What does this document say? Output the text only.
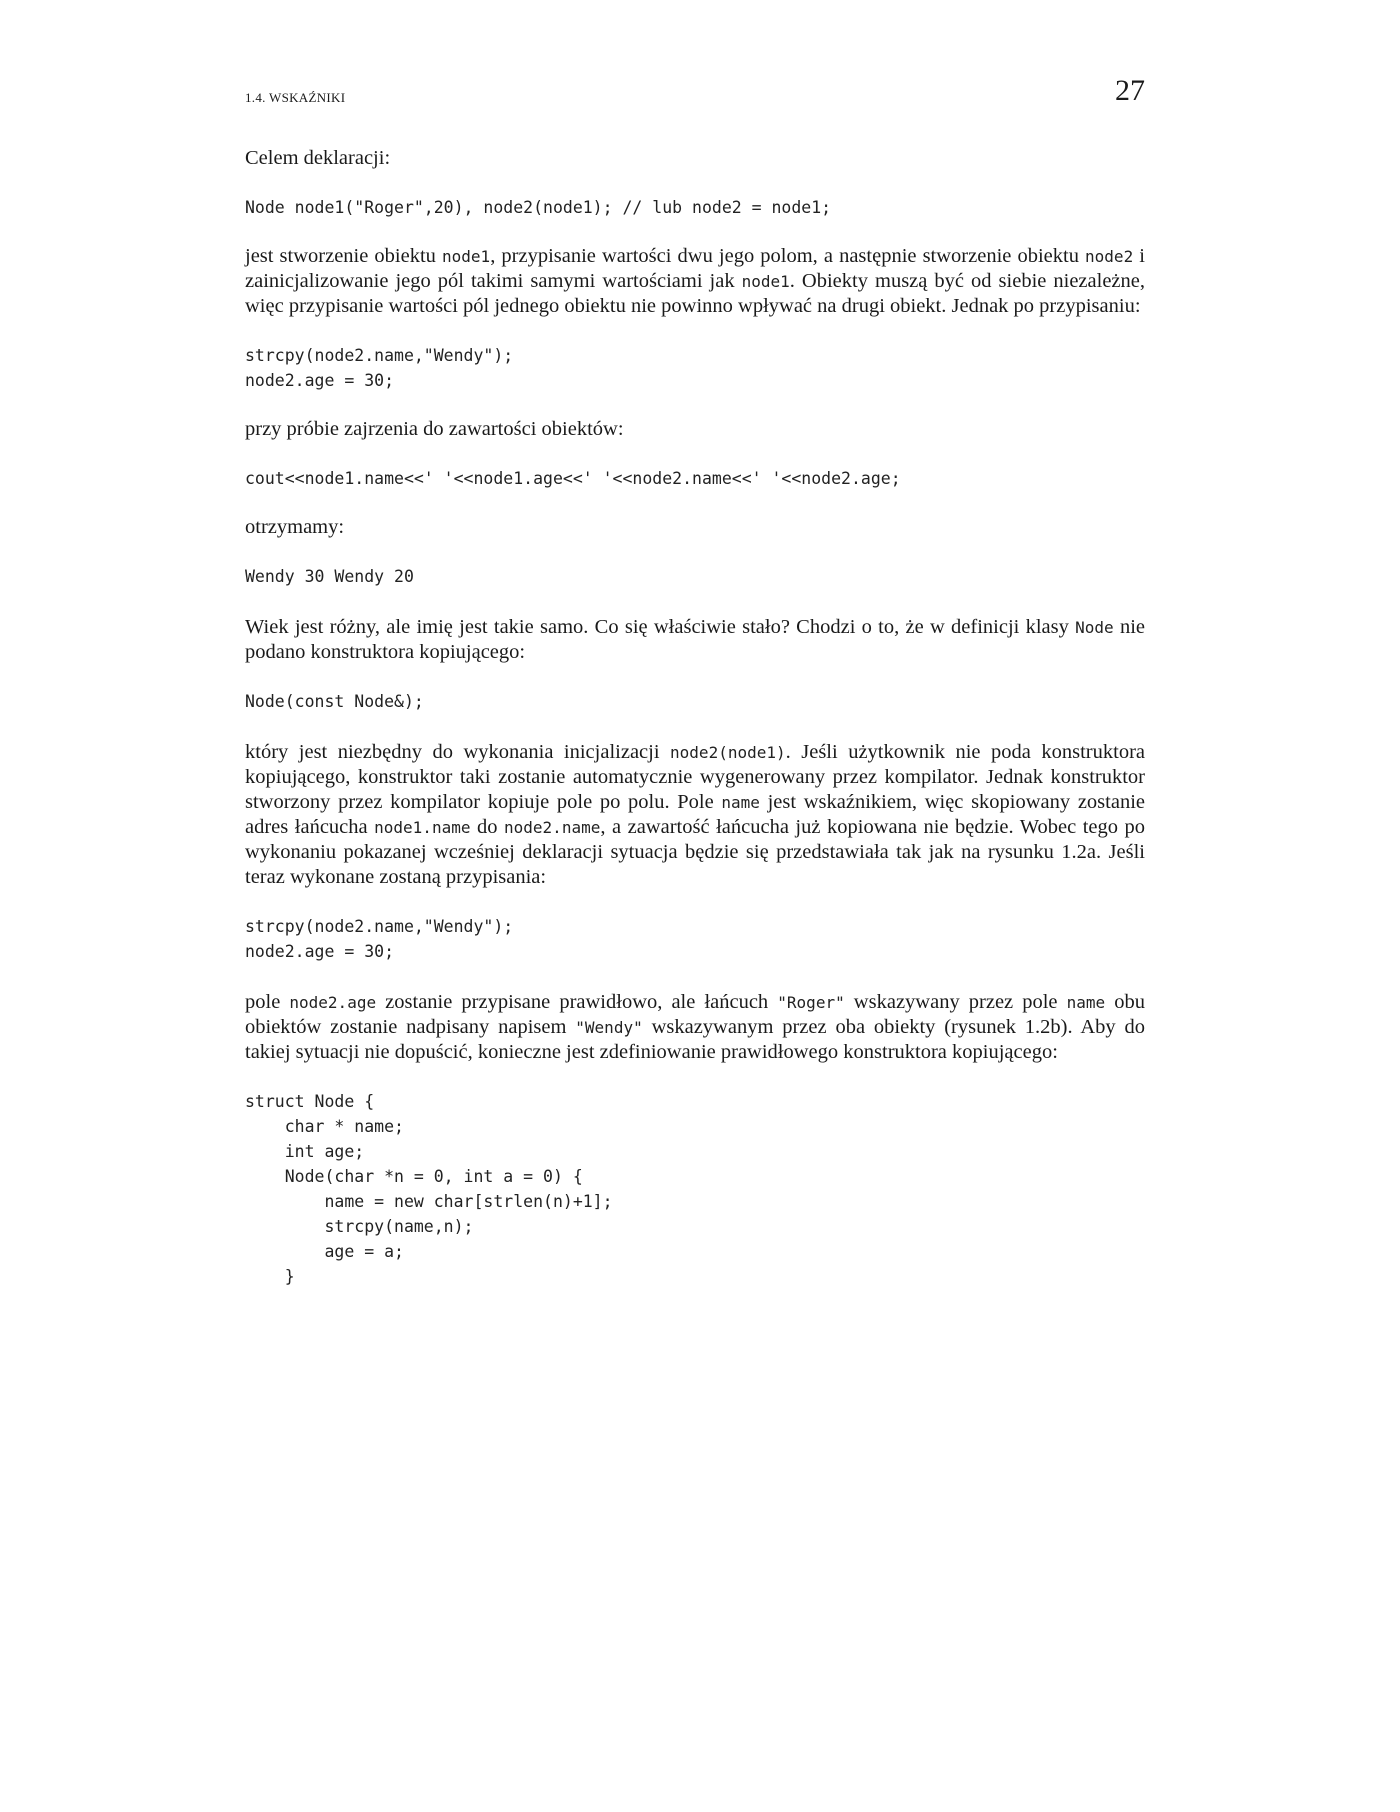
1.4. WSKAŹNIKI	27

Celem deklaracji:

Node node1("Roger",20), node2(node1); // lub node2 = node1;

jest stworzenie obiektu node1, przypisanie wartości dwu jego polom, a następnie stworzenie obiektu node2 i zainicjalizowanie jego pól takimi samymi wartościami jak node1. Obiekty muszą być od siebie niezależne, więc przypisanie wartości pól jednego obiektu nie powinno wpływać na drugi obiekt. Jednak po przypisaniu:

strcpy(node2.name,"Wendy");
node2.age = 30;

przy próbie zajrzenia do zawartości obiektów:

cout<<node1.name<<' '<<node1.age<<' '<<node2.name<<' '<<node2.age;

otrzymamy:

Wendy 30 Wendy 20

Wiek jest różny, ale imię jest takie samo. Co się właściwie stało? Chodzi o to, że w definicji klasy Node nie podano konstruktora kopiującego:

Node(const Node&);

który jest niezbędny do wykonania inicjalizacji node2(node1). Jeśli użytkownik nie poda konstruktora kopiującego, konstruktor taki zostanie automatycznie wygenerowany przez kompilator. Jednak konstruktor stworzony przez kompilator kopiuje pole po polu. Pole name jest wskaźnikiem, więc skopiowany zostanie adres łańcucha node1.name do node2.name, a zawartość łańcucha już kopiowana nie będzie. Wobec tego po wykonaniu pokazanej wcześniej deklaracji sytuacja będzie się przedstawiała tak jak na rysunku 1.2a. Jeśli teraz wykonane zostaną przypisania:

strcpy(node2.name,"Wendy");
node2.age = 30;

pole node2.age zostanie przypisane prawidłowo, ale łańcuch "Roger" wskazywany przez pole name obu obiektów zostanie nadpisany napisem "Wendy" wskazywanym przez oba obiekty (rysunek 1.2b). Aby do takiej sytuacji nie dopuścić, konieczne jest zdefiniowanie prawidłowego konstruktora kopiującego:

struct Node {
char * name;
int age;
Node(char *n = 0, int a = 0) {
name = new char[strlen(n)+1];
strcpy(name,n);
age = a;
}
